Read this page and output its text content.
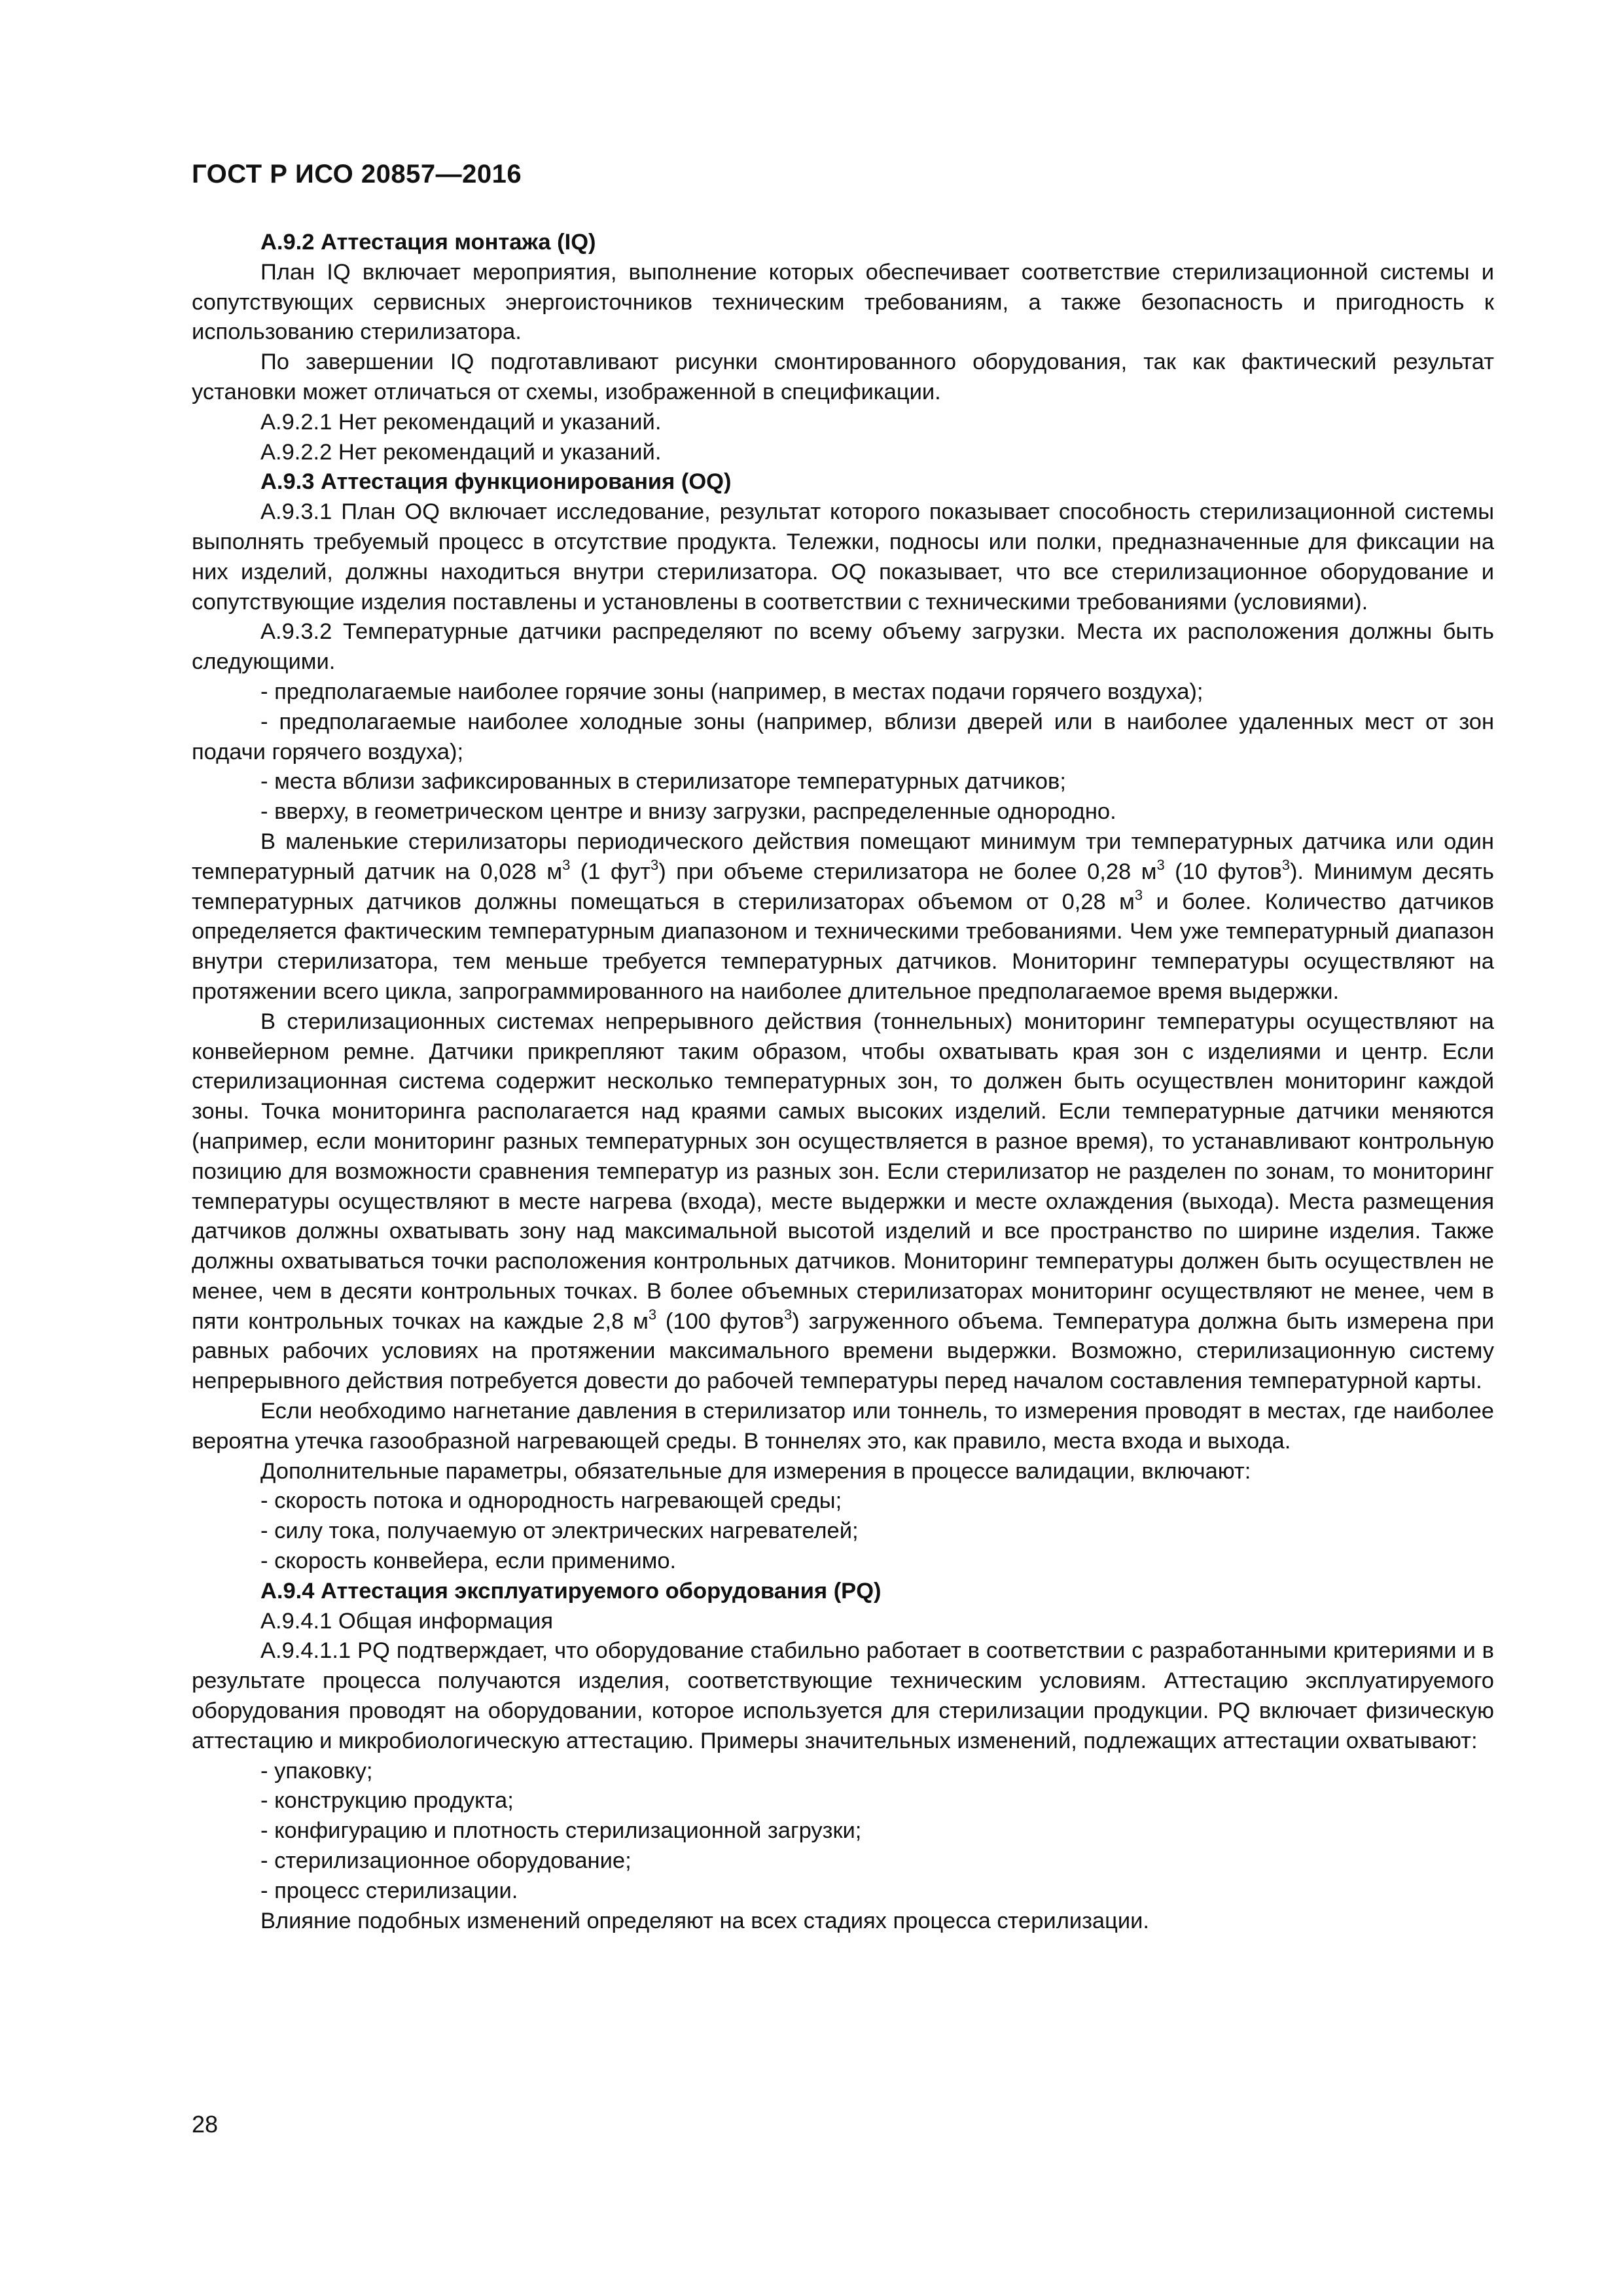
ГОСТ Р ИСО 20857—2016

А.9.2 Аттестация монтажа (IQ)

План IQ включает мероприятия, выполнение которых обеспечивает соответствие стерилизационной системы и сопутствующих сервисных энергоисточников техническим требованиям, а также безопасность и пригодность к использованию стерилизатора.

По завершении IQ подготавливают рисунки смонтированного оборудования, так как фактический результат установки может отличаться от схемы, изображенной в спецификации.

А.9.2.1 Нет рекомендаций и указаний.

А.9.2.2 Нет рекомендаций и указаний.

А.9.3 Аттестация функционирования (OQ)

А.9.3.1 План OQ включает исследование, результат которого показывает способность стерилизационной системы выполнять требуемый процесс в отсутствие продукта. Тележки, подносы или полки, предназначенные для фиксации на них изделий, должны находиться внутри стерилизатора. OQ показывает, что все стерилизационное оборудование и сопутствующие изделия поставлены и установлены в соответствии с техническими требованиями (условиями).

А.9.3.2 Температурные датчики распределяют по всему объему загрузки. Места их расположения должны быть следующими.

- предполагаемые наиболее горячие зоны (например, в местах подачи горячего воздуха);

- предполагаемые наиболее холодные зоны (например, вблизи дверей или в наиболее удаленных мест от зон подачи горячего воздуха);

- места вблизи зафиксированных в стерилизаторе температурных датчиков;

- вверху, в геометрическом центре и внизу загрузки, распределенные однородно.

В маленькие стерилизаторы периодического действия помещают минимум три температурных датчика или один температурный датчик на 0,028 $м^3$ (1 фут$^3$) при объеме стерилизатора не более 0,28 $м^3$ (10 футов$^3$). Минимум десять температурных датчиков должны помещаться в стерилизаторах объемом от 0,28 $м^3$ и более. Количество датчиков определяется фактическим температурным диапазоном и техническими требованиями. Чем уже температурный диапазон внутри стерилизатора, тем меньше требуется температурных датчиков. Мониторинг температуры осуществляют на протяжении всего цикла, запрограммированного на наиболее длительное предполагаемое время выдержки.

В стерилизационных системах непрерывного действия (тоннельных) мониторинг температуры осуществляют на конвейерном ремне. Датчики прикрепляют таким образом, чтобы охватывать края зон с изделиями и центр. Если стерилизационная система содержит несколько температурных зон, то должен быть осуществлен мониторинг каждой зоны. Точка мониторинга располагается над краями самых высоких изделий. Если температурные датчики меняются (например, если мониторинг разных температурных зон осуществляется в разное время), то устанавливают контрольную позицию для возможности сравнения температур из разных зон. Если стерилизатор не разделен по зонам, то мониторинг температуры осуществляют в месте нагрева (входа), месте выдержки и месте охлаждения (выхода). Места размещения датчиков должны охватывать зону над максимальной высотой изделий и все пространство по ширине изделия. Также должны охватываться точки расположения контрольных датчиков. Мониторинг температуры должен быть осуществлен не менее, чем в десяти контрольных точках. В более объемных стерилизаторах мониторинг осуществляют не менее, чем в пяти контрольных точках на каждые 2,8 $м^3$ (100 футов$^3$) загруженного объема. Температура должна быть измерена при равных рабочих условиях на протяжении максимального времени выдержки. Возможно, стерилизационную систему непрерывного действия потребуется довести до рабочей температуры перед началом составления температурной карты.

Если необходимо нагнетание давления в стерилизатор или тоннель, то измерения проводят в местах, где наиболее вероятна утечка газообразной нагревающей среды. В тоннелях это, как правило, места входа и выхода.

Дополнительные параметры, обязательные для измерения в процессе валидации, включают:

- скорость потока и однородность нагревающей среды;

- силу тока, получаемую от электрических нагревателей;

- скорость конвейера, если применимо.

А.9.4 Аттестация эксплуатируемого оборудования (PQ)

А.9.4.1 Общая информация

А.9.4.1.1 PQ подтверждает, что оборудование стабильно работает в соответствии с разработанными критериями и в результате процесса получаются изделия, соответствующие техническим условиям. Аттестацию эксплуатируемого оборудования проводят на оборудовании, которое используется для стерилизации продукции. PQ включает физическую аттестацию и микробиологическую аттестацию. Примеры значительных изменений, подлежащих аттестации охватывают:

- упаковку;

- конструкцию продукта;

- конфигурацию и плотность стерилизационной загрузки;

- стерилизационное оборудование;

- процесс стерилизации.

Влияние подобных изменений определяют на всех стадиях процесса стерилизации.

28
